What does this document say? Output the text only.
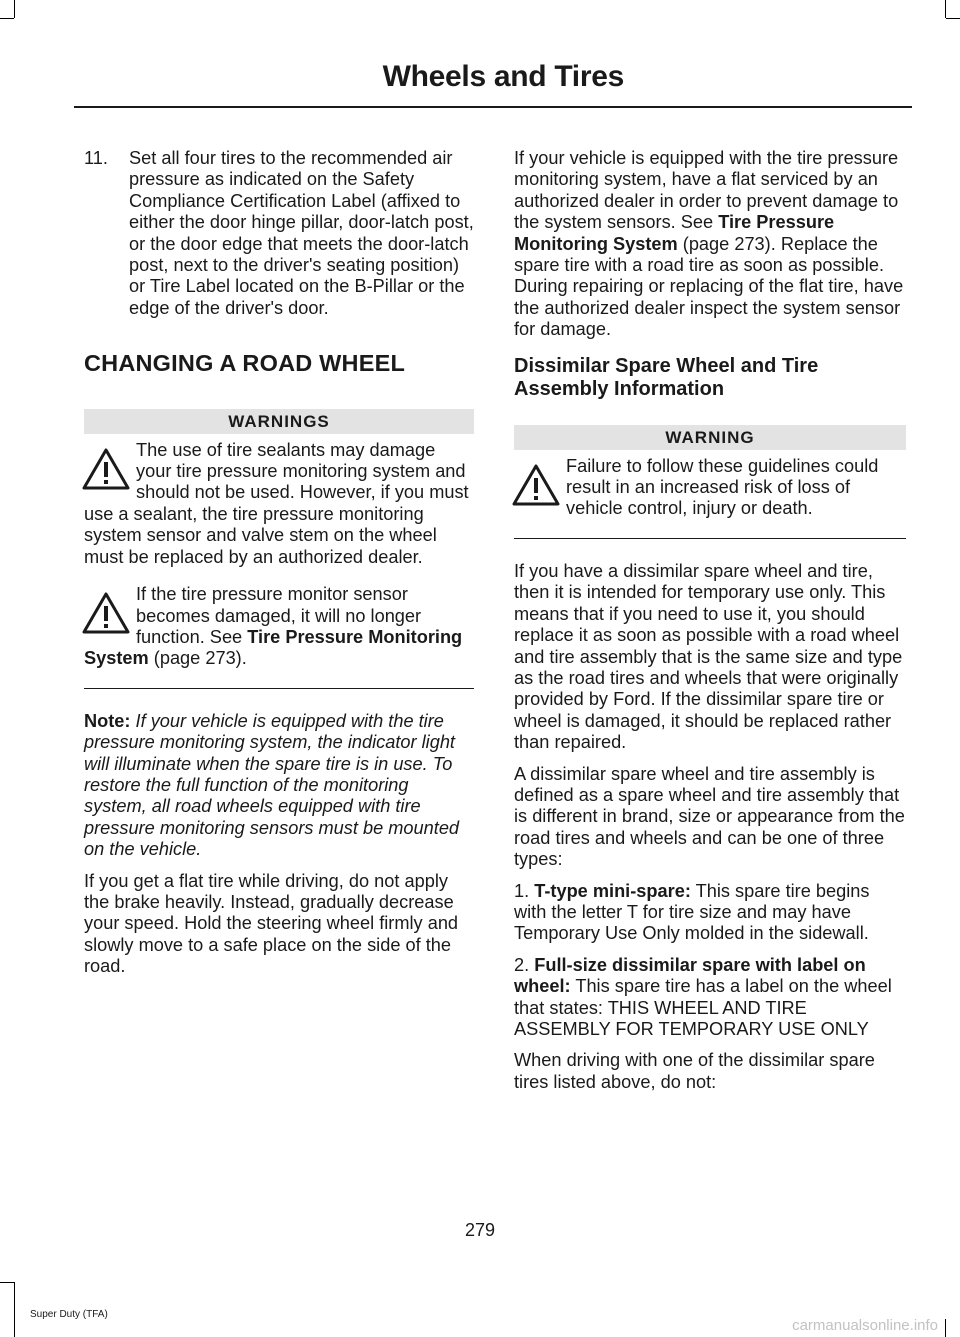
Wheels and Tires
11.	Set all four tires to the recommended air pressure as indicated on the Safety Compliance Certification Label (affixed to either the door hinge pillar, door-latch post, or the door edge that meets the door-latch post, next to the driver's seating position) or Tire Label located on the B-Pillar or the edge of the driver's door.
CHANGING A ROAD WHEEL
WARNINGS
The use of tire sealants may damage your tire pressure monitoring system and should not be used. However, if you must use a sealant, the tire pressure monitoring system sensor and valve stem on the wheel must be replaced by an authorized dealer.
If the tire pressure monitor sensor becomes damaged, it will no longer function. See Tire Pressure Monitoring System (page 273).

Note: If your vehicle is equipped with the tire pressure monitoring system, the indicator light will illuminate when the spare tire is in use. To restore the full function of the monitoring system, all road wheels equipped with tire pressure monitoring sensors must be mounted on the vehicle.

If you get a flat tire while driving, do not apply the brake heavily. Instead, gradually decrease your speed. Hold the steering wheel firmly and slowly move to a safe place on the side of the road.

If your vehicle is equipped with the tire pressure monitoring system, have a flat serviced by an authorized dealer in order to prevent damage to the system sensors. See Tire Pressure Monitoring System (page 273). Replace the spare tire with a road tire as soon as possible. During repairing or replacing of the flat tire, have the authorized dealer inspect the system sensor for damage.

Dissimilar Spare Wheel and Tire Assembly Information
WARNING
Failure to follow these guidelines could result in an increased risk of loss of vehicle control, injury or death.

If you have a dissimilar spare wheel and tire, then it is intended for temporary use only. This means that if you need to use it, you should replace it as soon as possible with a road wheel and tire assembly that is the same size and type as the road tires and wheels that were originally provided by Ford. If the dissimilar spare tire or wheel is damaged, it should be replaced rather than repaired.

A dissimilar spare wheel and tire assembly is defined as a spare wheel and tire assembly that is different in brand, size or appearance from the road tires and wheels and can be one of three types:

1. T-type mini-spare: This spare tire begins with the letter T for tire size and may have Temporary Use Only molded in the sidewall.

2. Full-size dissimilar spare with label on wheel: This spare tire has a label on the wheel that states: THIS WHEEL AND TIRE ASSEMBLY FOR TEMPORARY USE ONLY

When driving with one of the dissimilar spare tires listed above, do not:

279
Super Duty (TFA)
carmanualsonline.info
